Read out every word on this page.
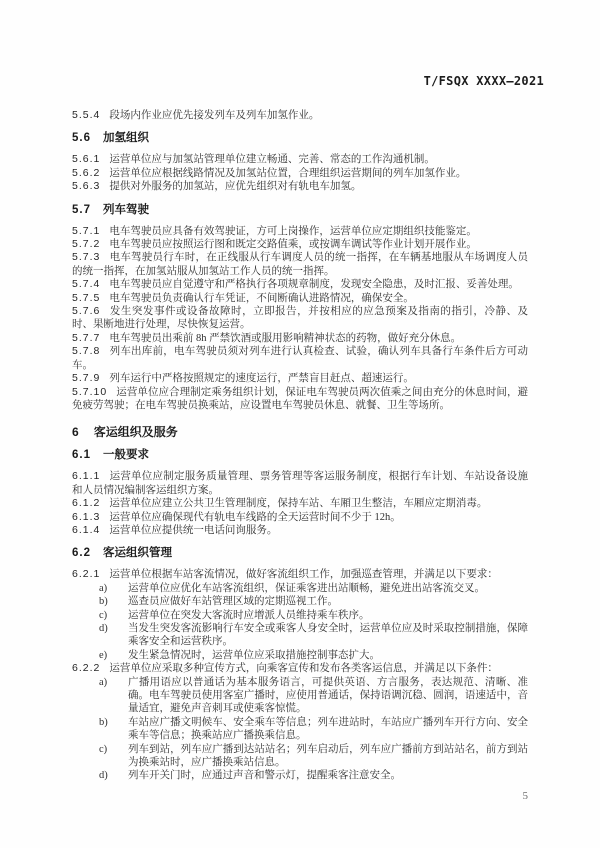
T/FSQX XXXX—2021

5.5.4 段场内作业应优先接发列车及列车加氢作业。

5.6 加氢组织

5.6.1 运营单位应与加氢站管理单位建立畅通、完善、常态的工作沟通机制。

5.6.2 运营单位应根据线路情况及加氢站位置，合理组织运营期间的列车加氢作业。

5.6.3 提供对外服务的加氢站，应优先组织对有轨电车加氢。

5.7 列车驾驶

5.7.1 电车驾驶员应具备有效驾驶证，方可上岗操作，运营单位应定期组织技能鉴定。

5.7.2 电车驾驶员应按照运行图和既定交路值乘，或按调车调试等作业计划开展作业。

5.7.3 电车驾驶员行车时，在正线服从行车调度人员的统一指挥，在车辆基地服从车场调度人员的统一指挥，在加氢站服从加氢站工作人员的统一指挥。

5.7.4 电车驾驶员应自觉遵守和严格执行各项规章制度，发现安全隐患，及时汇报、妥善处理。

5.7.5 电车驾驶员负责确认行车凭证，不间断确认进路情况，确保安全。

5.7.6 发生突发事件或设备故障时，立即报告，并按相应的应急预案及指南的指引，冷静、及时、果断地进行处理，尽快恢复运营。

5.7.7 电车驾驶员出乘前 8h 严禁饮酒或服用影响精神状态的药物，做好充分休息。

5.7.8 列车出库前，电车驾驶员须对列车进行认真检查、试验，确认列车具备行车条件后方可动车。

5.7.9 列车运行中严格按照规定的速度运行，严禁盲目赶点、超速运行。

5.7.10 运营单位应合理制定乘务组织计划，保证电车驾驶员两次值乘之间由充分的休息时间，避免疲劳驾驶；在电车驾驶员换乘站，应设置电车驾驶员休息、就餐、卫生等场所。

6 客运组织及服务
6.1 一般要求

6.1.1 运营单位应制定服务质量管理、票务管理等客运服务制度，根据行车计划、车站设备设施和人员情况编制客运组织方案。

6.1.2 运营单位应建立公共卫生管理制度，保持车站、车厢卫生整洁，车厢应定期消毒。

6.1.3 运营单位应确保现代有轨电车线路的全天运营时间不少于 12h。

6.1.4 运营单位应提供统一电话问询服务。

6.2 客运组织管理

6.2.1 运营单位根据车站客流情况，做好客流组织工作，加强巡查管理，并满足以下要求：

a)	运营单位应优化车站客流组织，保证乘客进出站顺畅，避免进出站客流交叉。
b)	巡查员应做好车站管理区域的定期巡视工作。
c)	运营单位在突发大客流时应增派人员维持乘车秩序。
d)	当发生突发客流影响行车安全或乘客人身安全时，运营单位应及时采取控制措施，保障乘客安全和运营秩序。
e)	发生紧急情况时，运营单位应采取措施控制事态扩大。

6.2.2 运营单位应采取多种宣传方式，向乘客宣传和发布各类客运信息，并满足以下条件：

a)	广播用语应以普通话为基本服务语言，可提供英语、方言服务，表达规范、清晰、准确。电车驾驶员使用客室广播时，应使用普通话，保持语调沉稳、圆润，语速适中，音量适宜，避免声音刺耳或使乘客惊慌。
b)	车站应广播文明候车、安全乘车等信息；列车进站时，车站应广播列车开行方向、安全乘车等信息；换乘站应广播换乘信息。
c)	列车到站，列车应广播到达站站名；列车启动后，列车应广播前方到站站名，前方到站为换乘站时，应广播换乘站信息。
d)	列车开关门时，应通过声音和警示灯，提醒乘客注意安全。
5
